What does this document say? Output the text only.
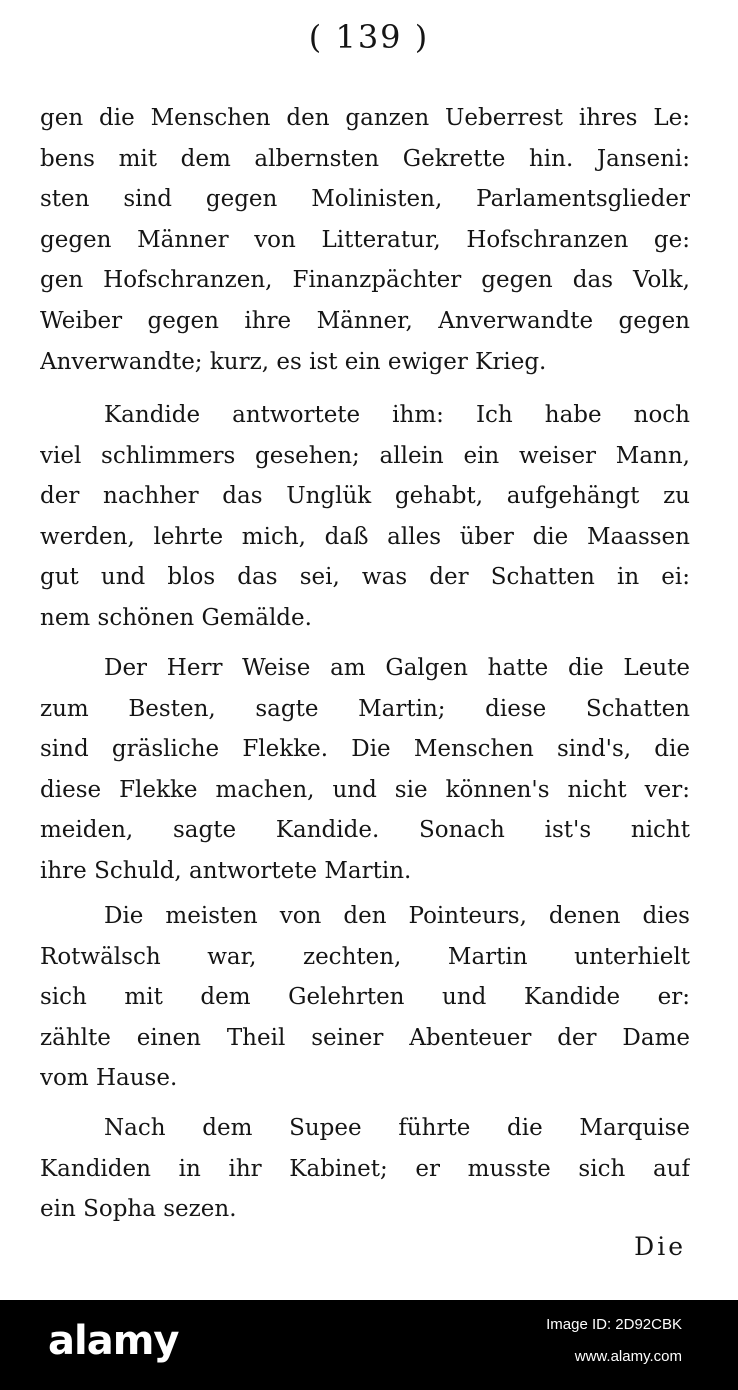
( 139 )
gen die Menschen den ganzen Ueberrest ihres Le:
bens mit dem albernsten Gekrette hin. Janseni:
sten sind gegen Molinisten, Parlamentsglieder
gegen Männer von Litteratur, Hofschranzen ge:
gen Hofschranzen, Finanzpächter gegen das Volk,
Weiber gegen ihre Männer, Anverwandte gegen
Anverwandte; kurz, es ist ein ewiger Krieg.
Kandide antwortete ihm: Ich habe noch
viel schlimmers gesehen; allein ein weiser Mann,
der nachher das Unglük gehabt, aufgehängt zu
werden, lehrte mich, daß alles über die Maassen
gut und blos das sei, was der Schatten in ei:
nem schönen Gemälde.
Der Herr Weise am Galgen hatte die Leute
zum Besten, sagte Martin; diese Schatten
sind gräsliche Flekke. Die Menschen sind's, die
diese Flekke machen, und sie können's nicht ver:
meiden, sagte Kandide. Sonach ist's nicht
ihre Schuld, antwortete Martin.
Die meisten von den Pointeurs, denen dies
Rotwälsch war, zechten, Martin unterhielt
sich mit dem Gelehrten und Kandide er:
zählte einen Theil seiner Abenteuer der Dame
vom Hause.
Nach dem Supee führte die Marquise
Kandiden in ihr Kabinet; er musste sich auf
ein Sopha sezen.
Die
alamy	Image ID: 2D92CBK
www.alamy.com
